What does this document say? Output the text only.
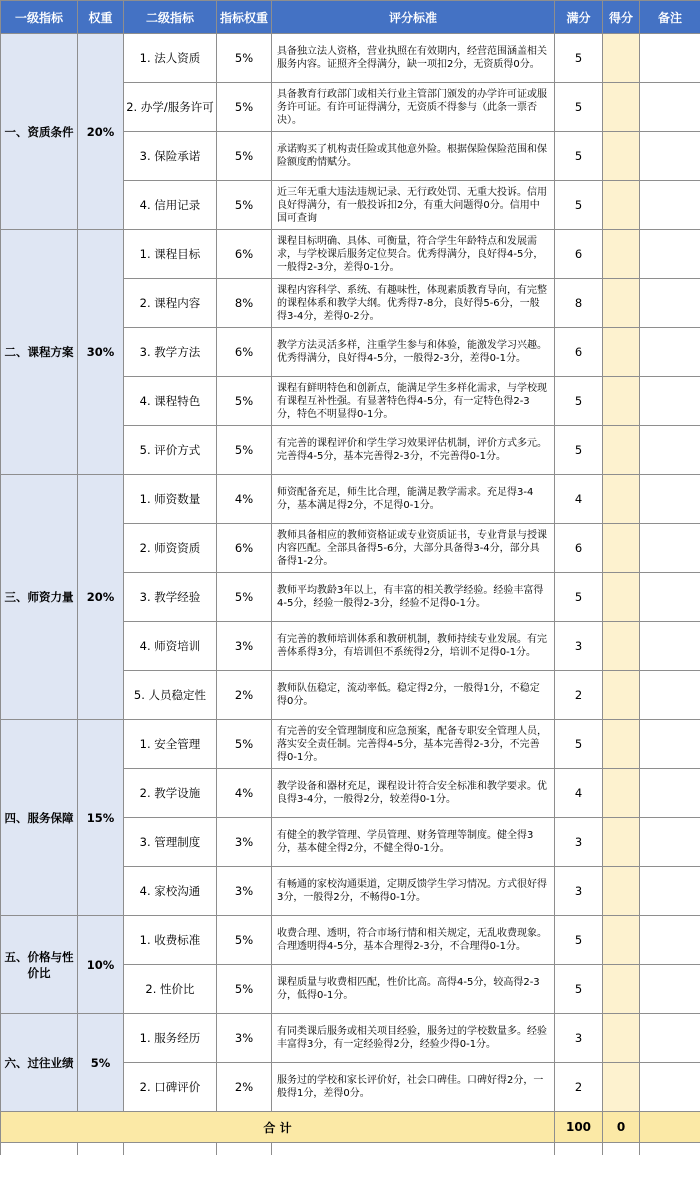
一级指标	权重	二级指标	指标权重	评分标准	满分	得分	备注
一、资质条件	20%	1. 法人资质	5%	具备独立法人资格，营业执照在有效期内，经营范围涵盖相关服务内容。证照齐全得满分，缺一项扣2分，无资质得0分。	5		
		2. 办学/服务许可	5%	具备教育行政部门或相关行业主管部门颁发的办学许可证或服务许可证。有许可证得满分，无资质不得参与（此条一票否决）。	5		
		3. 保险承诺	5%	承诺购买了机构责任险或其他意外险。根据保险保险范围和保险额度酌情赋分。	5		
		4. 信用记录	5%	近三年无重大违法违规记录、无行政处罚、无重大投诉。信用良好得满分，有一般投诉扣2分，有重大问题得0分。信用中国可查询	5		
二、课程方案	30%	1. 课程目标	6%	课程目标明确、具体、可衡量，符合学生年龄特点和发展需求，与学校课后服务定位契合。优秀得满分，良好得4-5分，一般得2-3分，差得0-1分。	6		
		2. 课程内容	8%	课程内容科学、系统、有趣味性，体现素质教育导向，有完整的课程体系和教学大纲。优秀得7-8分，良好得5-6分，一般得3-4分，差得0-2分。	8		
		3. 教学方法	6%	教学方法灵活多样，注重学生参与和体验，能激发学习兴趣。优秀得满分，良好得4-5分，一般得2-3分，差得0-1分。	6		
		4. 课程特色	5%	课程有鲜明特色和创新点，能满足学生多样化需求，与学校现有课程互补性强。有显著特色得4-5分，有一定特色得2-3分，特色不明显得0-1分。	5		
		5. 评价方式	5%	有完善的课程评价和学生学习效果评估机制，评价方式多元。完善得4-5分，基本完善得2-3分，不完善得0-1分。	5		
三、师资力量	20%	1. 师资数量	4%	师资配备充足，师生比合理，能满足教学需求。充足得3-4分，基本满足得2分，不足得0-1分。	4		
		2. 师资资质	6%	教师具备相应的教师资格证或专业资质证书，专业背景与授课内容匹配。全部具备得5-6分，大部分具备得3-4分，部分具备得1-2分。	6		
		3. 教学经验	5%	教师平均教龄3年以上，有丰富的相关教学经验。经验丰富得4-5分，经验一般得2-3分，经验不足得0-1分。	5		
		4. 师资培训	3%	有完善的教师培训体系和教研机制，教师持续专业发展。有完善体系得3分，有培训但不系统得2分，培训不足得0-1分。	3		
		5. 人员稳定性	2%	教师队伍稳定，流动率低。稳定得2分，一般得1分，不稳定得0分。	2		
四、服务保障	15%	1. 安全管理	5%	有完善的安全管理制度和应急预案，配备专职安全管理人员，落实安全责任制。完善得4-5分，基本完善得2-3分，不完善得0-1分。	5		
		2. 教学设施	4%	教学设备和器材充足，课程设计符合安全标准和教学要求。优良得3-4分，一般得2分，较差得0-1分。	4		
		3. 管理制度	3%	有健全的教学管理、学员管理、财务管理等制度。健全得3分，基本健全得2分，不健全得0-1分。	3		
		4. 家校沟通	3%	有畅通的家校沟通渠道，定期反馈学生学习情况。方式很好得3分，一般得2分，不畅得0-1分。	3		
五、价格与性价比	10%	1. 收费标准	5%	收费合理、透明，符合市场行情和相关规定，无乱收费现象。合理透明得4-5分，基本合理得2-3分，不合理得0-1分。	5		
		2. 性价比	5%	课程质量与收费相匹配，性价比高。高得4-5分，较高得2-3分，低得0-1分。	5		
六、过往业绩	5%	1. 服务经历	3%	有同类课后服务或相关项目经验，服务过的学校数量多。经验丰富得3分，有一定经验得2分，经验少得0-1分。	3		
		2. 口碑评价	2%	服务过的学校和家长评价好，社会口碑佳。口碑好得2分，一般得1分，差得0分。	2		
合 计					100	0	
